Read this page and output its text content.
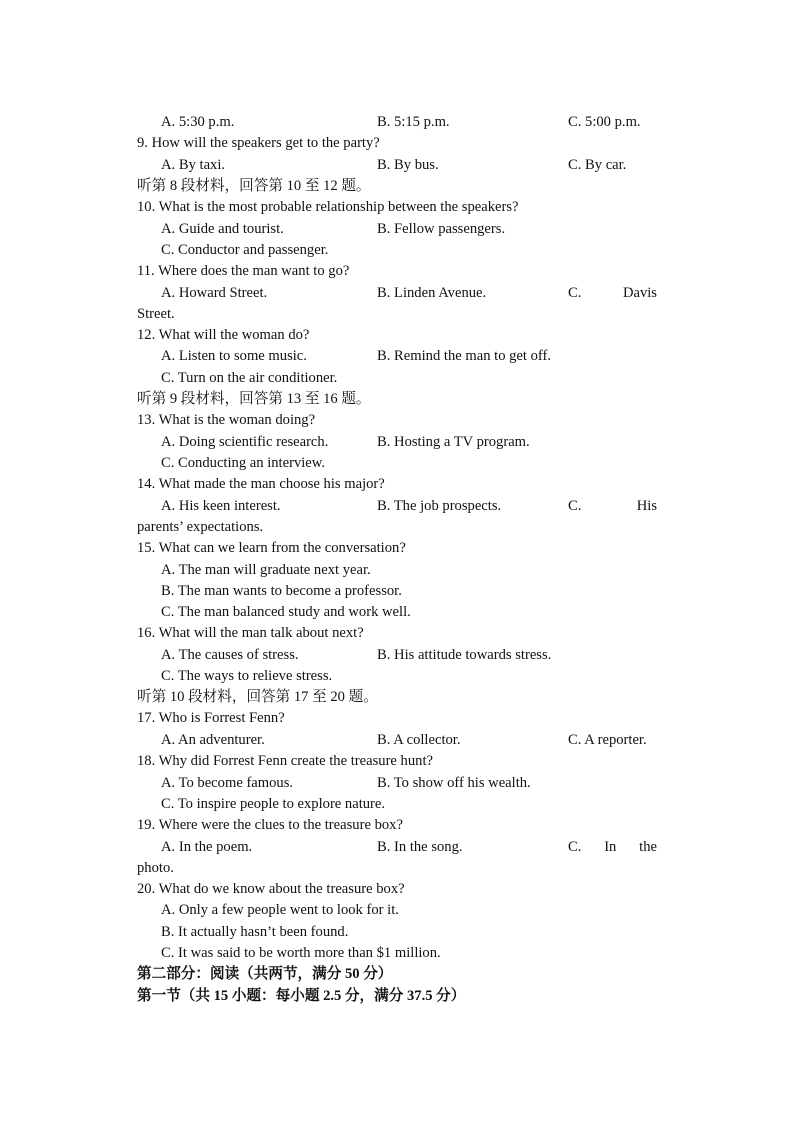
A. 5:30 p.m.	B. 5:15 p.m.	C. 5:00 p.m.
9. How will the speakers get to the party?
A. By taxi.	B. By bus.	C. By car.
听第 8 段材料，回答第 10 至 12 题。
10. What is the most probable relationship between the speakers?
A. Guide and tourist.	B. Fellow passengers.
C. Conductor and passenger.
11. Where does the man want to go?
A. Howard Street.	B. Linden Avenue.	C.	Davis
Street.
12. What will the woman do?
A. Listen to some music.	B. Remind the man to get off.
C. Turn on the air conditioner.
听第 9 段材料，回答第 13 至 16 题。
13. What is the woman doing?
A. Doing scientific research.	B. Hosting a TV program.
C. Conducting an interview.
14. What made the man choose his major?
A. His keen interest.	B. The job prospects.	C.	His
parents’ expectations.
15. What can we learn from the conversation?
A. The man will graduate next year.
B. The man wants to become a professor.
C. The man balanced study and work well.
16. What will the man talk about next?
A. The causes of stress.	B. His attitude towards stress.
C. The ways to relieve stress.
听第 10 段材料，回答第 17 至 20 题。
17. Who is Forrest Fenn?
A. An adventurer.	B. A collector.	C. A reporter.
18. Why did Forrest Fenn create the treasure hunt?
A. To become famous.	B. To show off his wealth.
C. To inspire people to explore nature.
19. Where were the clues to the treasure box?
A. In the poem.	B. In the song.	C. In the
photo.
20. What do we know about the treasure box?
A. Only a few people went to look for it.
B. It actually hasn’t been found.
C. It was said to be worth more than $1 million.
第二部分：阅读（共两节，满分 50 分）
第一节（共 15 小题：每小题 2.5 分，满分 37.5 分）
